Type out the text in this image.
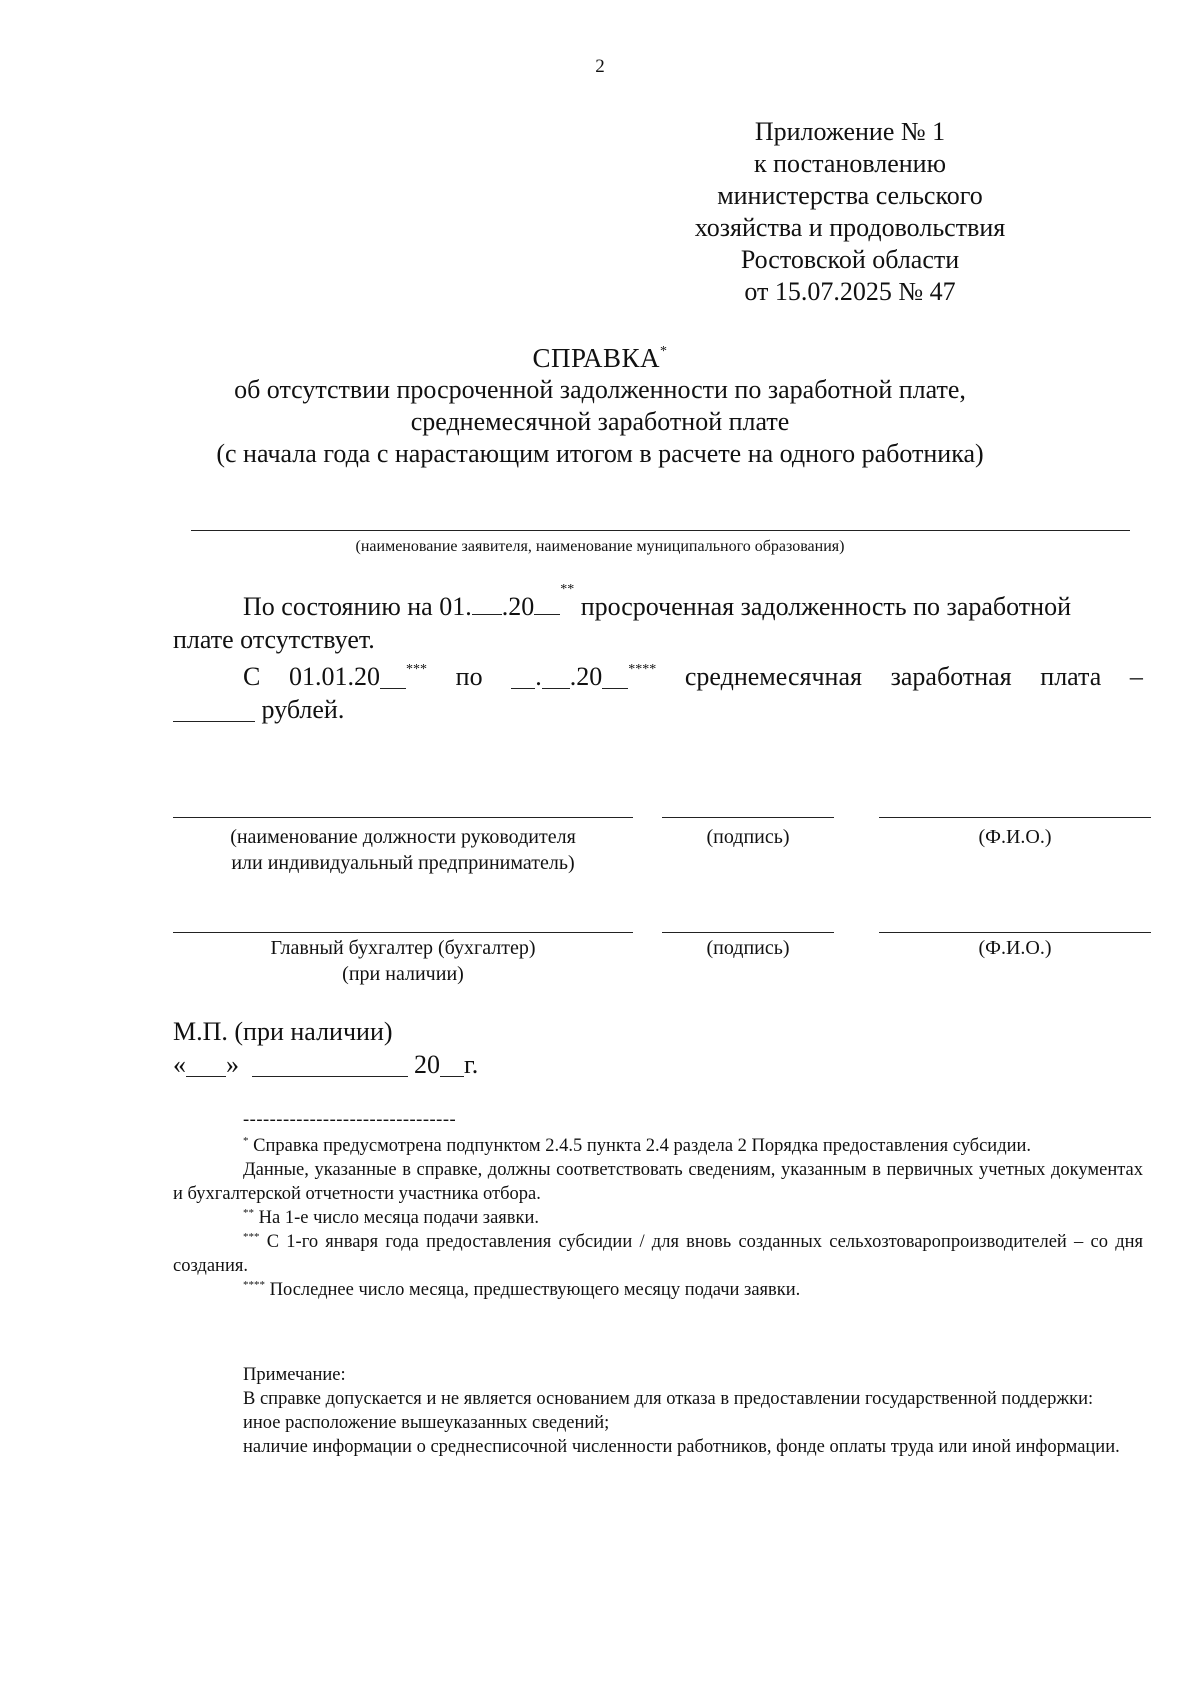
2
Приложение № 1
к постановлению
министерства сельского
хозяйства и продовольствия
Ростовской области
от 15.07.2025 № 47
СПРАВКА*
об отсутствии просроченной задолженности по заработной плате,
среднемесячной заработной плате
(с начала года с нарастающим итогом в расчете на одного работника)
(наименование заявителя, наименование муниципального образования)
По состоянию на 01. .20
**

просроченная задолженность по заработной
плате отсутствует.
С 01.01.20 *** по	. .20 **** среднемесячная заработная плата –
рублей.
(наименование должности руководителя
или индивидуальный предприниматель)
(подпись)	(Ф.И.О.)
Главный бухгалтер (бухгалтер)
(при наличии)
(подпись)	(Ф.И.О.)
М.П. (при наличии)
« »	20 г.
--------------------------------

* Справка предусмотрена подпунктом 2.4.5 пункта 2.4 раздела 2 Порядка предоставления субсидии.

Данные, указанные в справке, должны соответствовать сведениям, указанным в первичных учетных документах и бухгалтерской отчетности участника отбора.

** На 1-е число месяца подачи заявки.

*** С 1-го января года предоставления субсидии / для вновь созданных сельхозтоваропроизводителей – со дня создания.

**** Последнее число месяца, предшествующего месяцу подачи заявки.

Примечание:

В справке допускается и не является основанием для отказа в предоставлении государственной поддержки:

иное расположение вышеуказанных сведений;

наличие информации о среднесписочной численности работников, фонде оплаты труда или иной информации.
